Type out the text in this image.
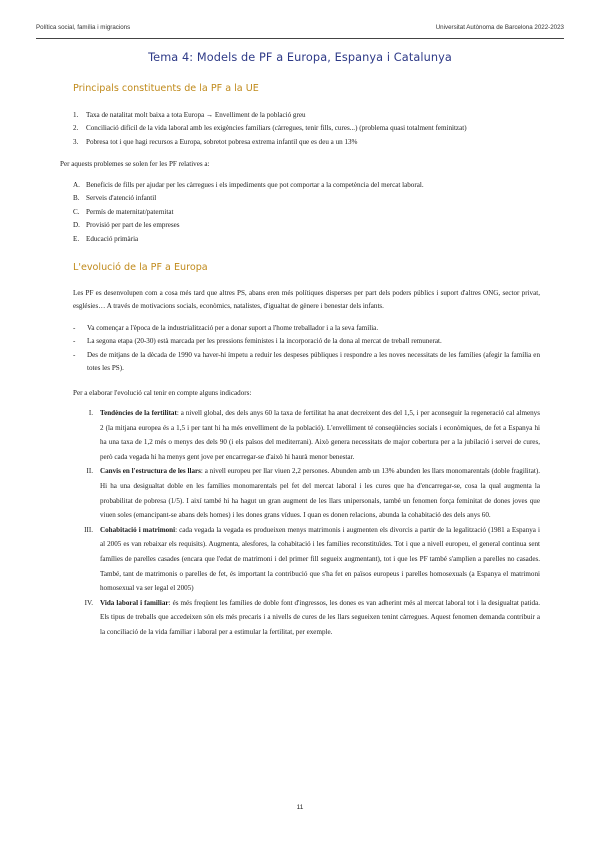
Política social, família i migracions	Universitat Autònoma de Barcelona 2022-2023
Tema 4: Models de PF a Europa, Espanya i Catalunya
Principals constituents de la PF a la UE
1. Taxa de natalitat molt baixa a tota Europa → Envelliment de la població greu
2. Conciliació difícil de la vida laboral amb les exigències familiars (càrregues, tenir fills, cures...) (problema quasi totalment feminitzat)
3. Pobresa tot i que hagi recursos a Europa, sobretot pobresa extrema infantil que es deu a un 13%

Per aquests problemes se solen fer les PF relatives a:

A. Beneficis de fills per ajudar per les càrregues i els impediments que pot comportar a la competència del mercat laboral.
B. Serveis d'atenció infantil
C. Permís de maternitat/paternitat
D. Provisió per part de les empreses
E. Educació primària
L'evolució de la PF a Europa

Les PF es desenvolupen com a cosa més tard que altres PS, abans eren més polítiques disperses per part dels poders públics i suport d'altres ONG, sector privat, esglésies… A través de motivacions socials, econòmics, natalistes, d'igualtat de gènere i benestar dels infants.

- Va començar a l'època de la industrialització per a donar suport a l'home treballador i a la seva família.
- La segona etapa (20-30) està marcada per les pressions feministes i la incorporació de la dona al mercat de treball remunerat.
- Des de mitjans de la dècada de 1990 va haver-hi ímpetu a reduir les despeses públiques i respondre a les noves necessitats de les famílies (afegir la família en totes les PS).

Per a elaborar l'evolució cal tenir en compte alguns indicadors:

I. Tendències de la fertilitat: a nivell global, des dels anys 60 la taxa de fertilitat ha anat decreixent des del 1,5, i per aconseguir la regeneració cal almenys 2 (la mitjana europea és a 1,5 i per tant hi ha més envelliment de la població). L'envelliment té conseqüències socials i econòmiques, de fet a Espanya hi ha una taxa de 1,2 més o menys des dels 90 (i els països del mediterrani). Això genera necessitats de major cobertura per a la jubilació i servei de cures, però cada vegada hi ha menys gent jove per encarregar-se d'això hi haurà menor benestar.
II. Canvis en l'estructura de les llars: a nivell europeu per llar viuen 2,2 persones. Abunden amb un 13% abunden les llars monomarentals (doble fragilitat). Hi ha una desigualtat doble en les famílies monomarentals pel fet del mercat laboral i les cures que ha d'encarregar-se, cosa la qual augmenta la probabilitat de pobresa (1/5). I així també hi ha hagut un gran augment de les llars unipersonals, també un fenomen força feminitat de dones joves que viuen soles (emancipant-se abans dels homes) i les dones grans vídues. I quan es donen relacions, abunda la cohabitació des dels anys 60.
III. Cohabitació i matrimoni: cada vegada la vegada es produeixen menys matrimonis i augmenten els divorcis a partir de la legalització (1981 a Espanya i al 2005 es van rebaixar els requisits). Augmenta, alesfores, la cohabitació i les famílies reconstituïdes. Tot i que a nivell europeu, el general continua sent famílies de parelles casades (encara que l'edat de matrimoni i del primer fill segueix augmentant), tot i que les PF també s'amplien a parelles no casades. També, tant de matrimonis o parelles de fet, és important la contribució que s'ha fet en països europeus i parelles homosexuals (a Espanya el matrimoni homosexual va ser legal el 2005)
IV. Vida laboral i familiar: és més freqüent les famílies de doble font d'ingressos, les dones es van adherint més al mercat laboral tot i la desigualtat patida. Els tipus de treballs que accedeixen són els més precaris i a nivells de cures de les llars segueixen tenint càrregues. Aquest fenomen demanda contribuir a la conciliació de la vida familiar i laboral per a estimular la fertilitat, per exemple.
11
